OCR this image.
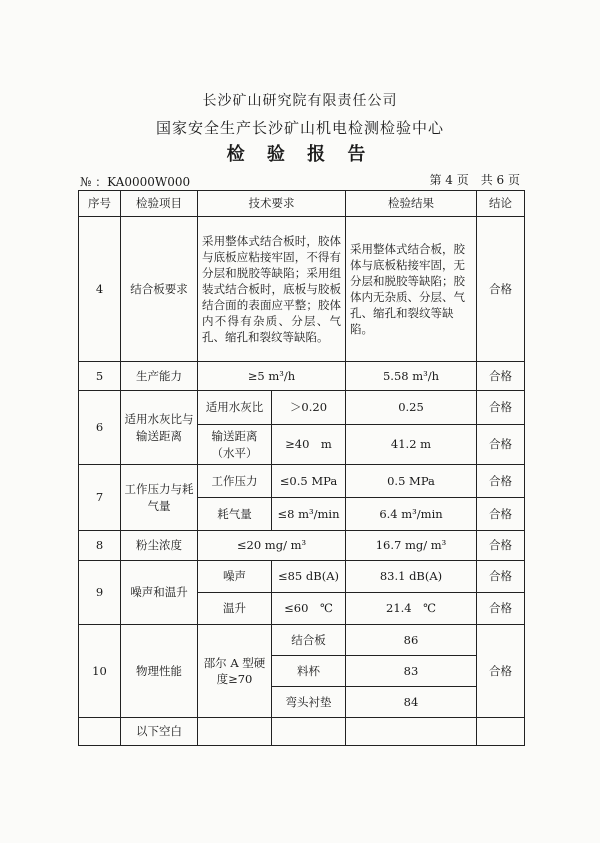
长沙矿山研究院有限责任公司
国家安全生产长沙矿山机电检测检验中心
检 验 报 告
№ ：KA0000W000	第 4 页　共 6 页
序号	检验项目	技术要求		检验结果	结论
4	结合板要求	采用整体式结合板时，胶体与底板应粘接牢固，不得有分层和脱胶等缺陷；采用组装式结合板时，底板与胶板结合面的表面应平整；胶体内不得有杂质、分层、气孔、缩孔和裂纹等缺陷。		采用整体式结合板，胶体与底板粘接牢固，无分层和脱胶等缺陷；胶体内无杂质、分层、气孔、缩孔和裂纹等缺陷。	合格
5	生产能力	≥5 m³/h		5.58 m³/h	合格
6	适用水灰比与输送距离	适用水灰比	＞0.20	0.25	合格
		输送距离（水平）	≥40　m	41.2 m	合格
7	工作压力与耗气量	工作压力	≤0.5 MPa	0.5 MPa	合格
		耗气量	≤8 m³/min	6.4 m³/min	合格
8	粉尘浓度	≤20 mg/ m³		16.7 mg/ m³	合格
9	噪声和温升	噪声	≤85 dB(A)	83.1 dB(A)	合格
		温升	≤60　℃	21.4　℃	合格
10	物理性能	邵尔 A 型硬度≥70	结合板	86	合格
			料杯	83	
			弯头衬垫	84	
	以下空白				
